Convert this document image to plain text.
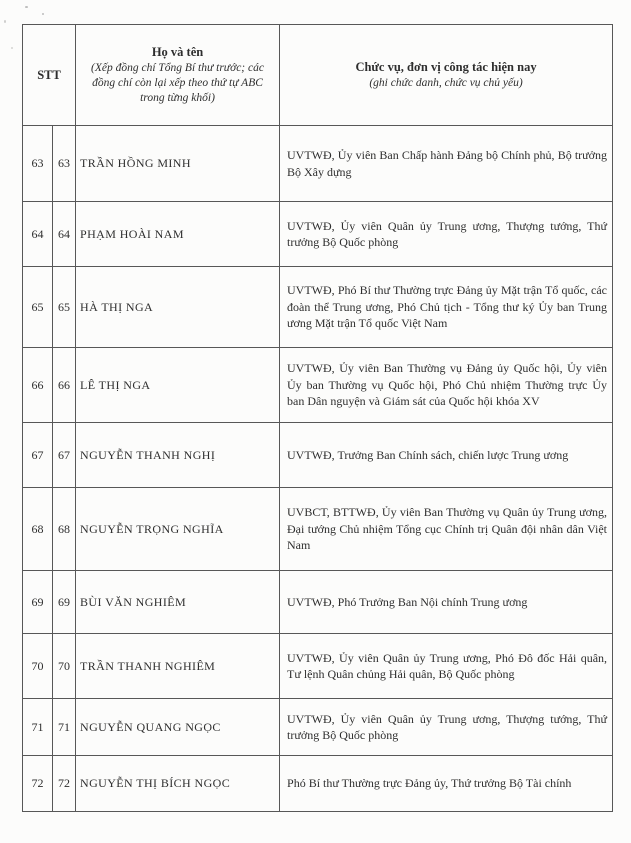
STT	
Họ và tên
(Xếp đồng chí Tổng Bí thư trước; các đồng chí còn lại xếp theo thứ tự ABC trong từng khối)

Chức vụ, đơn vị công tác hiện nay
(ghi chức danh, chức vụ chủ yếu)

63	63	TRẦN HỒNG MINH	UVTWĐ, Ủy viên Ban Chấp hành Đảng bộ Chính phủ, Bộ trưởng Bộ Xây dựng
64	64	PHẠM HOÀI NAM	UVTWĐ, Ủy viên Quân ủy Trung ương, Thượng tướng, Thứ trưởng Bộ Quốc phòng
65	65	HÀ THỊ NGA	UVTWĐ, Phó Bí thư Thường trực Đảng ủy Mặt trận Tổ quốc, các đoàn thể Trung ương, Phó Chủ tịch - Tổng thư ký Ủy ban Trung ương Mặt trận Tổ quốc Việt Nam
66	66	LÊ THỊ NGA	UVTWĐ, Ủy viên Ban Thường vụ Đảng ủy Quốc hội, Ủy viên Ủy ban Thường vụ Quốc hội, Phó Chủ nhiệm Thường trực Ủy ban Dân nguyện và Giám sát của Quốc hội khóa XV
67	67	NGUYỄN THANH NGHỊ	UVTWĐ, Trưởng Ban Chính sách, chiến lược Trung ương
68	68	NGUYỄN TRỌNG NGHĨA	UVBCT, BTTWĐ, Ủy viên Ban Thường vụ Quân ủy Trung ương, Đại tướng Chủ nhiệm Tổng cục Chính trị Quân đội nhân dân Việt Nam
69	69	BÙI VĂN NGHIÊM	UVTWĐ, Phó Trưởng Ban Nội chính Trung ương
70	70	TRẦN THANH NGHIÊM	UVTWĐ, Ủy viên Quân ủy Trung ương, Phó Đô đốc Hải quân, Tư lệnh Quân chủng Hải quân, Bộ Quốc phòng
71	71	NGUYỄN QUANG NGỌC	UVTWĐ, Ủy viên Quân ủy Trung ương, Thượng tướng, Thứ trưởng Bộ Quốc phòng
72	72	NGUYỄN THỊ BÍCH NGỌC	Phó Bí thư Thường trực Đảng ủy, Thứ trưởng Bộ Tài chính
